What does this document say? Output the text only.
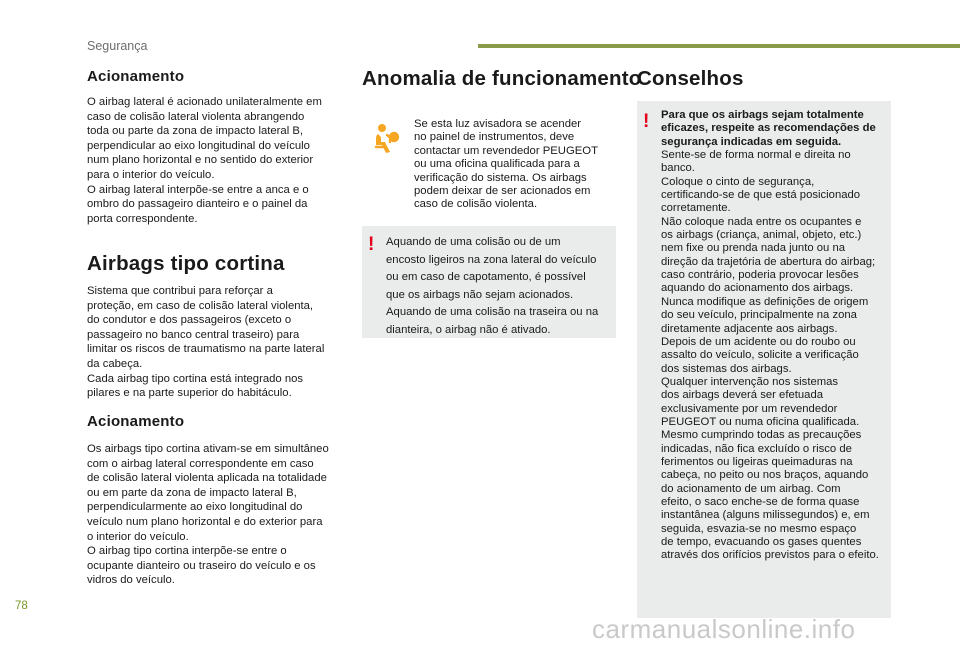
Segurança
Acionamento
O airbag lateral é acionado unilateralmente em
caso de colisão lateral violenta abrangendo
toda ou parte da zona de impacto lateral B,
perpendicular ao eixo longitudinal do veículo
num plano horizontal e no sentido do exterior
para o interior do veículo.
O airbag lateral interpõe-se entre a anca e o
ombro do passageiro dianteiro e o painel da
porta correspondente.
Airbags tipo cortina
Sistema que contribui para reforçar a
proteção, em caso de colisão lateral violenta,
do condutor e dos passageiros (exceto o
passageiro no banco central traseiro) para
limitar os riscos de traumatismo na parte lateral
da cabeça.
Cada airbag tipo cortina está integrado nos
pilares e na parte superior do habitáculo.
Acionamento
Os airbags tipo cortina ativam-se em simultâneo
com o airbag lateral correspondente em caso
de colisão lateral violenta aplicada na totalidade
ou em parte da zona de impacto lateral B,
perpendicularmente ao eixo longitudinal do
veículo num plano horizontal e do exterior para
o interior do veículo.
O airbag tipo cortina interpõe-se entre o
ocupante dianteiro ou traseiro do veículo e os
vidros do veículo.
Anomalia de funcionamento
Se esta luz avisadora se acender
no painel de instrumentos, deve
contactar um revendedor PEUGEOT
ou uma oficina qualificada para a
verificação do sistema. Os airbags
podem deixar de ser acionados em
caso de colisão violenta.
! Aquando de uma colisão ou de um
encosto ligeiros na zona lateral do veículo
ou em caso de capotamento, é possível
que os airbags não sejam acionados.
Aquando de uma colisão na traseira ou na
dianteira, o airbag não é ativado.
Conselhos
! Para que os airbags sejam totalmente eficazes, respeite as recomendações de segurança indicadas em seguida.
Sente-se de forma normal e direita no
banco.
Coloque o cinto de segurança,
certificando-se de que está posicionado
corretamente.
Não coloque nada entre os ocupantes e
os airbags (criança, animal, objeto, etc.)
nem fixe ou prenda nada junto ou na
direção da trajetória de abertura do airbag;
caso contrário, poderia provocar lesões
aquando do acionamento dos airbags.
Nunca modifique as definições de origem
do seu veículo, principalmente na zona
diretamente adjacente aos airbags.
Depois de um acidente ou do roubo ou
assalto do veículo, solicite a verificação
dos sistemas dos airbags.
Qualquer intervenção nos sistemas
dos airbags deverá ser efetuada
exclusivamente por um revendedor
PEUGEOT ou numa oficina qualificada.
Mesmo cumprindo todas as precauções
indicadas, não fica excluído o risco de
ferimentos ou ligeiras queimaduras na
cabeça, no peito ou nos braços, aquando
do acionamento de um airbag. Com
efeito, o saco enche-se de forma quase
instantânea (alguns milissegundos) e, em
seguida, esvazia-se no mesmo espaço
de tempo, evacuando os gases quentes
através dos orifícios previstos para o efeito.
78
carmanualsonline.info
